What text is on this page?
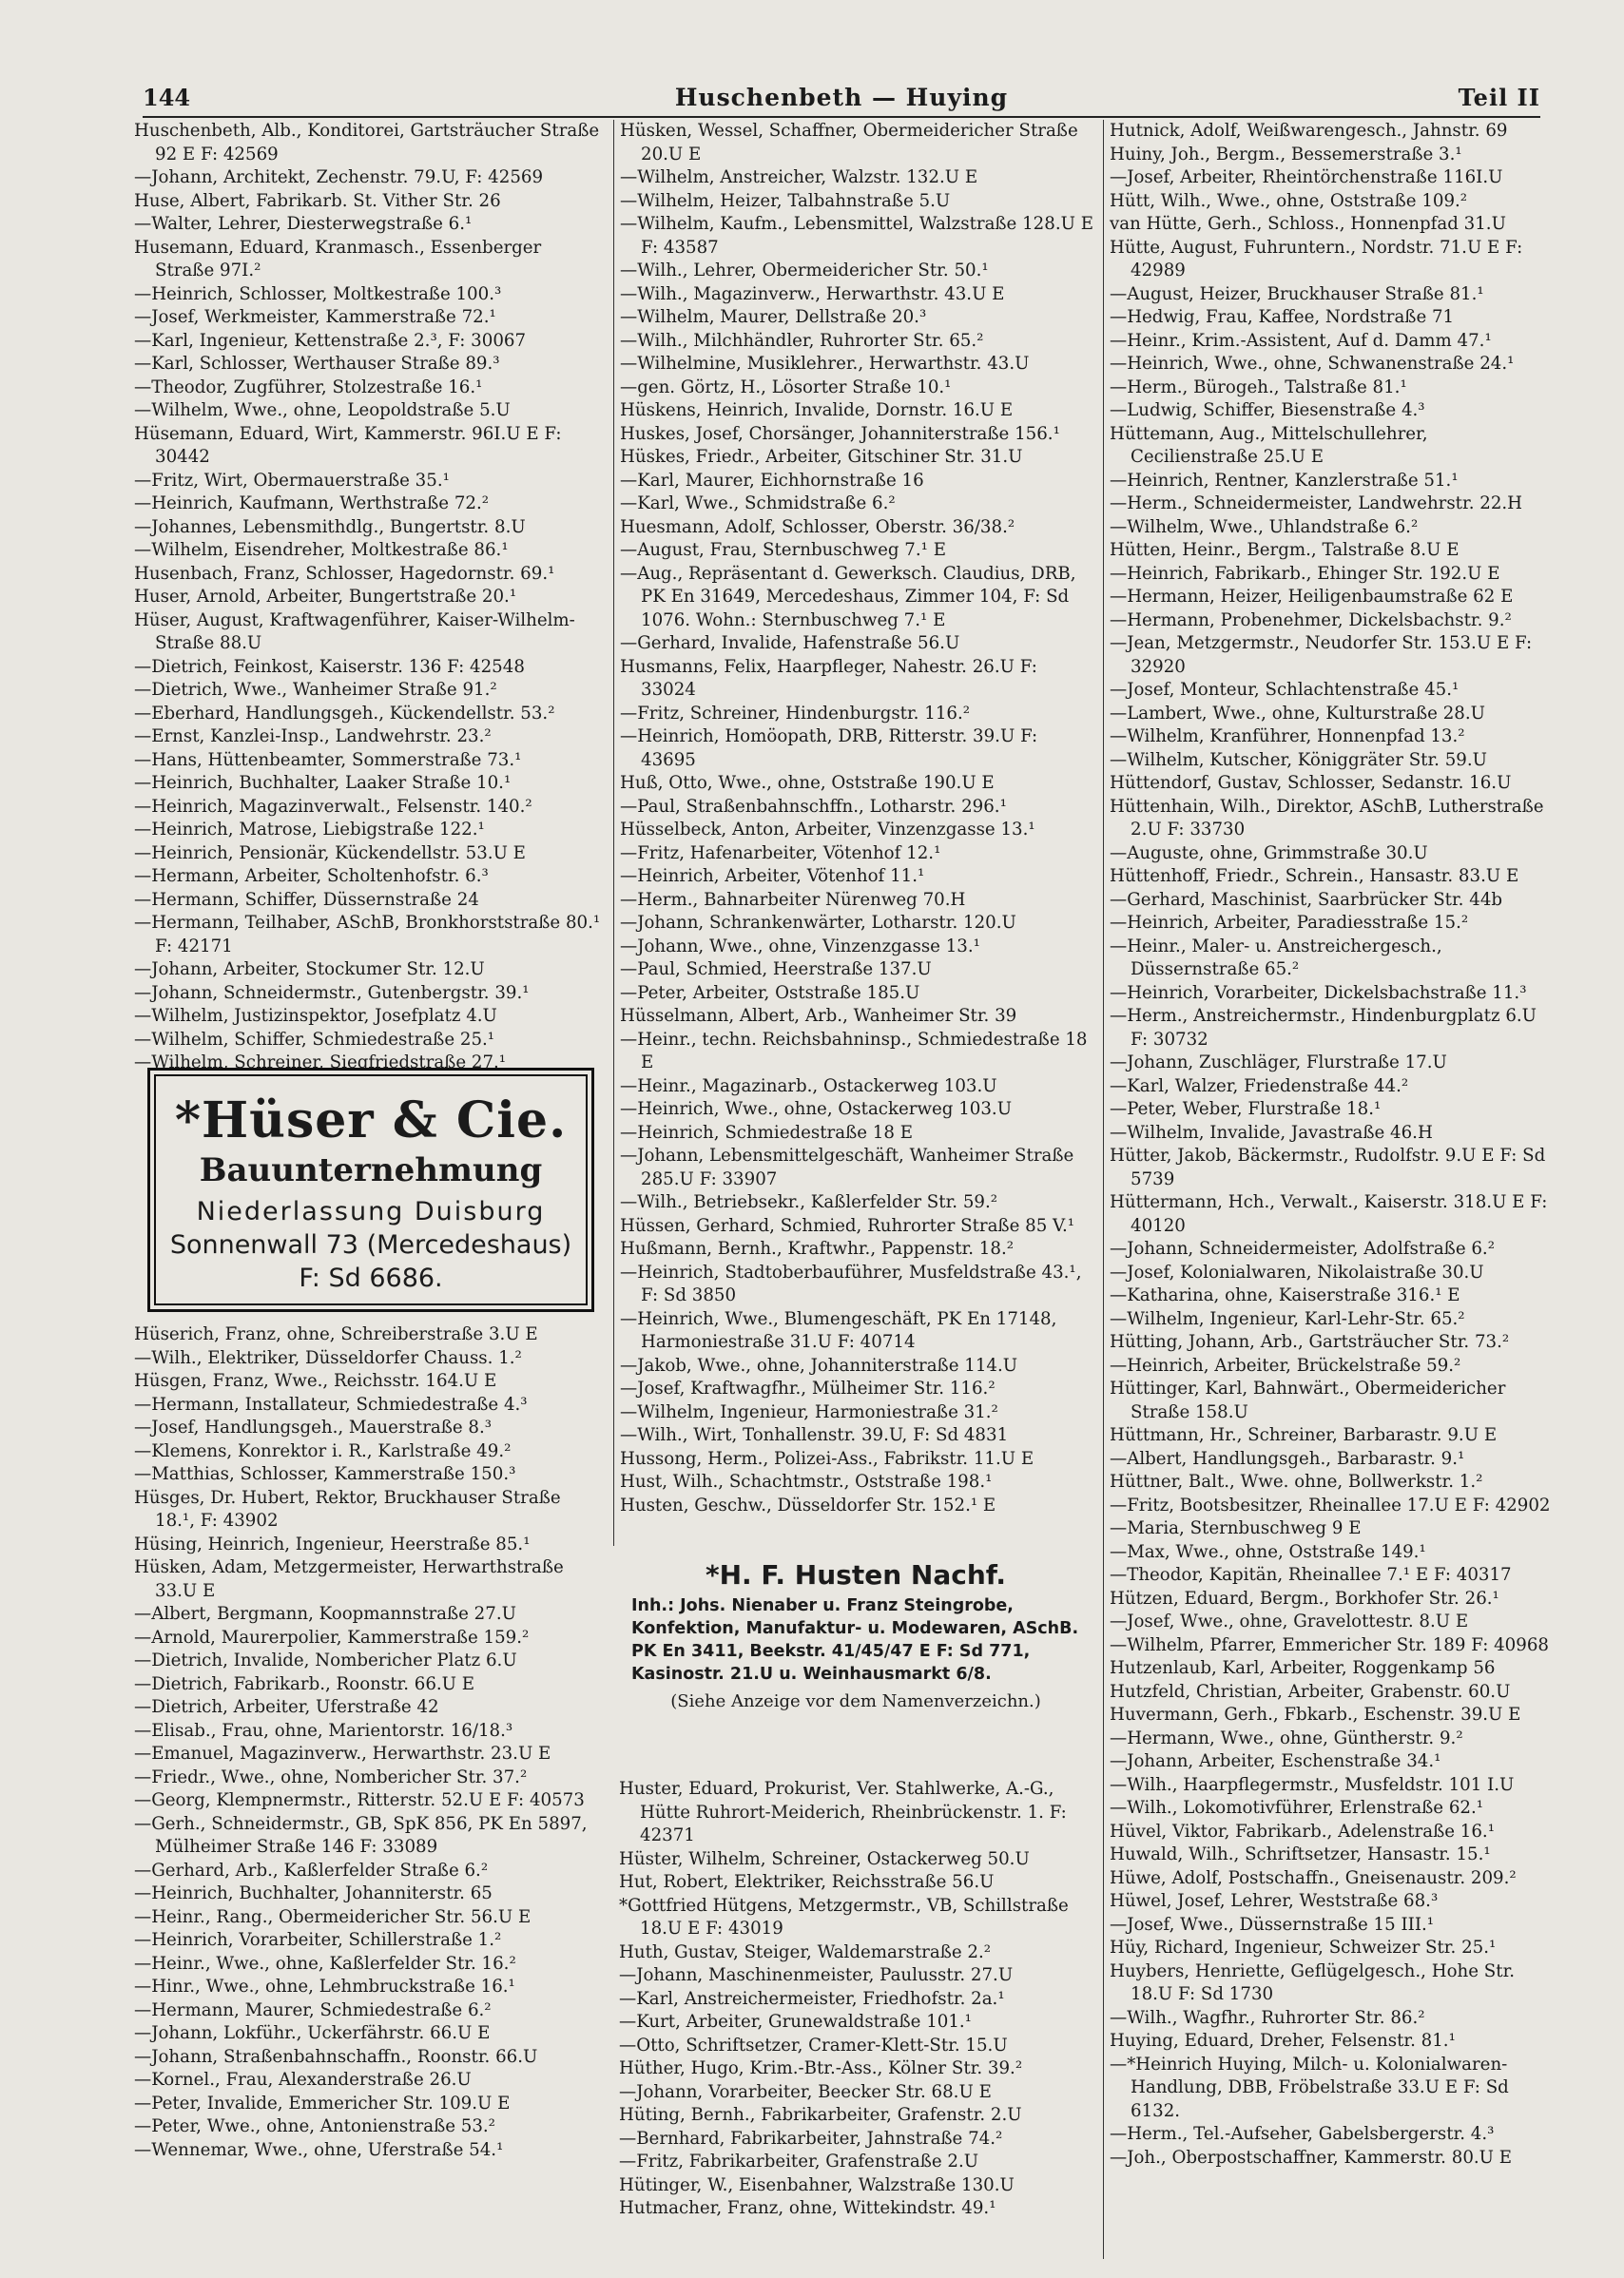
144	Huschenbeth — Huying	Teil II
Huschenbeth, Alb., Konditorei, Gartsträucher Straße 92 E F: 42569
—Johann, Architekt, Zechenstr. 79.U, F: 42569
Huse, Albert, Fabrikarb. St. Vither Str. 26
—Walter, Lehrer, Diesterwegstraße 6.¹
Husemann, Eduard, Kranmasch., Essenberger Straße 97I.²
—Heinrich, Schlosser, Moltkestraße 100.³
—Josef, Werkmeister, Kammerstraße 72.¹
—Karl, Ingenieur, Kettenstraße 2.³, F: 30067
—Karl, Schlosser, Werthauser Straße 89.³
—Theodor, Zugführer, Stolzestraße 16.¹
—Wilhelm, Wwe., ohne, Leopoldstraße 5.U
Hüsemann, Eduard, Wirt, Kammerstr. 96I.U E F: 30442
—Fritz, Wirt, Obermauerstraße 35.¹
—Heinrich, Kaufmann, Werthstraße 72.²
—Johannes, Lebensmithdlg., Bungertstr. 8.U
—Wilhelm, Eisendreher, Moltkestraße 86.¹
Husenbach, Franz, Schlosser, Hagedornstr. 69.¹
Huser, Arnold, Arbeiter, Bungertstraße 20.¹
Hüser, August, Kraftwagenführer, Kaiser-Wilhelm-Straße 88.U
—Dietrich, Feinkost, Kaiserstr. 136 F: 42548
—Dietrich, Wwe., Wanheimer Straße 91.²
—Eberhard, Handlungsgeh., Kückendellstr. 53.²
—Ernst, Kanzlei-Insp., Landwehrstr. 23.²
—Hans, Hüttenbeamter, Sommerstraße 73.¹
—Heinrich, Buchhalter, Laaker Straße 10.¹
—Heinrich, Magazinverwalt., Felsenstr. 140.²
—Heinrich, Matrose, Liebigstraße 122.¹
—Heinrich, Pensionär, Kückendellstr. 53.U E
—Hermann, Arbeiter, Scholtenhofstr. 6.³
—Hermann, Schiffer, Düssernstraße 24
—Hermann, Teilhaber, ASchB, Bronkhorststraße 80.¹ F: 42171
—Johann, Arbeiter, Stockumer Str. 12.U
—Johann, Schneidermstr., Gutenbergstr. 39.¹
—Wilhelm, Justizinspektor, Josefplatz 4.U
—Wilhelm, Schiffer, Schmiedestraße 25.¹
—Wilhelm, Schreiner, Siegfriedstraße 27.¹
*Hüser & Cie.
Bauunternehmung
Niederlassung Duisburg
Sonnenwall 73 (Mercedeshaus)
F: Sd 6686.
Hüserich, Franz, ohne, Schreiberstraße 3.U E
—Wilh., Elektriker, Düsseldorfer Chauss. 1.²
Hüsgen, Franz, Wwe., Reichsstr. 164.U E
—Hermann, Installateur, Schmiedestraße 4.³
—Josef, Handlungsgeh., Mauerstraße 8.³
—Klemens, Konrektor i. R., Karlstraße 49.²
—Matthias, Schlosser, Kammerstraße 150.³
Hüsges, Dr. Hubert, Rektor, Bruckhauser Straße 18.¹, F: 43902
Hüsing, Heinrich, Ingenieur, Heerstraße 85.¹
Hüsken, Adam, Metzgermeister, Herwarthstraße 33.U E
—Albert, Bergmann, Koopmannstraße 27.U
—Arnold, Maurerpolier, Kammerstraße 159.²
—Dietrich, Invalide, Nombericher Platz 6.U
—Dietrich, Fabrikarb., Roonstr. 66.U E
—Dietrich, Arbeiter, Uferstraße 42
—Elisab., Frau, ohne, Marientorstr. 16/18.³
—Emanuel, Magazinverw., Herwarthstr. 23.U E
—Friedr., Wwe., ohne, Nombericher Str. 37.²
—Georg, Klempnermstr., Ritterstr. 52.U E F: 40573
—Gerh., Schneidermstr., GB, SpK 856, PK En 5897, Mülheimer Straße 146 F: 33089
—Gerhard, Arb., Kaßlerfelder Straße 6.²
—Heinrich, Buchhalter, Johanniterstr. 65
—Heinr., Rang., Obermeidericher Str. 56.U E
—Heinrich, Vorarbeiter, Schillerstraße 1.²
—Heinr., Wwe., ohne, Kaßlerfelder Str. 16.²
—Hinr., Wwe., ohne, Lehmbruckstraße 16.¹
—Hermann, Maurer, Schmiedestraße 6.²
—Johann, Lokführ., Uckerfährstr. 66.U E
—Johann, Straßenbahnschaffn., Roonstr. 66.U
—Kornel., Frau, Alexanderstraße 26.U
—Peter, Invalide, Emmericher Str. 109.U E
—Peter, Wwe., ohne, Antonienstraße 53.²
—Wennemar, Wwe., ohne, Uferstraße 54.¹
Hüsken, Wessel, Schaffner, Obermeidericher Straße 20.U E
—Wilhelm, Anstreicher, Walzstr. 132.U E
—Wilhelm, Heizer, Talbahnstraße 5.U
—Wilhelm, Kaufm., Lebensmittel, Walzstraße 128.U E F: 43587
—Wilh., Lehrer, Obermeidericher Str. 50.¹
—Wilh., Magazinverw., Herwarthstr. 43.U E
—Wilhelm, Maurer, Dellstraße 20.³
—Wilh., Milchhändler, Ruhrorter Str. 65.²
—Wilhelmine, Musiklehrer., Herwarthstr. 43.U
—gen. Görtz, H., Lösorter Straße 10.¹
Hüskens, Heinrich, Invalide, Dornstr. 16.U E
Huskes, Josef, Chorsänger, Johanniterstraße 156.¹
Hüskes, Friedr., Arbeiter, Gitschiner Str. 31.U
—Karl, Maurer, Eichhornstraße 16
—Karl, Wwe., Schmidstraße 6.²
Huesmann, Adolf, Schlosser, Oberstr. 36/38.²
—August, Frau, Sternbuschweg 7.¹ E
—Aug., Repräsentant d. Gewerksch. Claudius, DRB, PK En 31649, Mercedeshaus, Zimmer 104, F: Sd 1076. Wohn.: Sternbuschweg 7.¹ E
—Gerhard, Invalide, Hafenstraße 56.U
Husmanns, Felix, Haarpfleger, Nahestr. 26.U F: 33024
—Fritz, Schreiner, Hindenburgstr. 116.²
—Heinrich, Homöopath, DRB, Ritterstr. 39.U F: 43695
Huß, Otto, Wwe., ohne, Oststraße 190.U E
—Paul, Straßenbahnschffn., Lotharstr. 296.¹
Hüsselbeck, Anton, Arbeiter, Vinzenzgasse 13.¹
—Fritz, Hafenarbeiter, Vötenhof 12.¹
—Heinrich, Arbeiter, Vötenhof 11.¹
—Herm., Bahnarbeiter Nürenweg 70.H
—Johann, Schrankenwärter, Lotharstr. 120.U
—Johann, Wwe., ohne, Vinzenzgasse 13.¹
—Paul, Schmied, Heerstraße 137.U
—Peter, Arbeiter, Oststraße 185.U
Hüsselmann, Albert, Arb., Wanheimer Str. 39
—Heinr., techn. Reichsbahninsp., Schmiedestraße 18 E
—Heinr., Magazinarb., Ostackerweg 103.U
—Heinrich, Wwe., ohne, Ostackerweg 103.U
—Heinrich, Schmiedestraße 18 E
—Johann, Lebensmittelgeschäft, Wanheimer Straße 285.U F: 33907
—Wilh., Betriebsekr., Kaßlerfelder Str. 59.²
Hüssen, Gerhard, Schmied, Ruhrorter Straße 85 V.¹
Hußmann, Bernh., Kraftwhr., Pappenstr. 18.²
—Heinrich, Stadtoberbauführer, Musfeldstraße 43.¹, F: Sd 3850
—Heinrich, Wwe., Blumengeschäft, PK En 17148, Harmoniestraße 31.U F: 40714
—Jakob, Wwe., ohne, Johanniterstraße 114.U
—Josef, Kraftwagfhr., Mülheimer Str. 116.²
—Wilhelm, Ingenieur, Harmoniestraße 31.²
—Wilh., Wirt, Tonhallenstr. 39.U, F: Sd 4831
Hussong, Herm., Polizei-Ass., Fabrikstr. 11.U E
Hust, Wilh., Schachtmstr., Oststraße 198.¹
Husten, Geschw., Düsseldorfer Str. 152.¹ E
*H. F. Husten Nachf.
Inh.: Johs. Nienaber u. Franz Steingrobe, Konfektion, Manufaktur- u. Modewaren, ASchB. PK En 3411, Beekstr. 41/45/47 E F: Sd 771, Kasinostr. 21.U u. Weinhausmarkt 6/8.
(Siehe Anzeige vor dem Namenverzeichn.)
Huster, Eduard, Prokurist, Ver. Stahlwerke, A.-G., Hütte Ruhrort-Meiderich, Rheinbrückenstr. 1. F: 42371
Hüster, Wilhelm, Schreiner, Ostackerweg 50.U
Hut, Robert, Elektriker, Reichsstraße 56.U
*Gottfried Hütgens, Metzgermstr., VB, Schillstraße 18.U E F: 43019
Huth, Gustav, Steiger, Waldemarstraße 2.²
—Johann, Maschinenmeister, Paulusstr. 27.U
—Karl, Anstreichermeister, Friedhofstr. 2a.¹
—Kurt, Arbeiter, Grunewaldstraße 101.¹
—Otto, Schriftsetzer, Cramer-Klett-Str. 15.U
Hüther, Hugo, Krim.-Btr.-Ass., Kölner Str. 39.²
—Johann, Vorarbeiter, Beecker Str. 68.U E
Hüting, Bernh., Fabrikarbeiter, Grafenstr. 2.U
—Bernhard, Fabrikarbeiter, Jahnstraße 74.²
—Fritz, Fabrikarbeiter, Grafenstraße 2.U
Hütinger, W., Eisenbahner, Walzstraße 130.U
Hutmacher, Franz, ohne, Wittekindstr. 49.¹
Hutnick, Adolf, Weißwarengesch., Jahnstr. 69
Huiny, Joh., Bergm., Bessemerstraße 3.¹
—Josef, Arbeiter, Rheintörchenstraße 116I.U
Hütt, Wilh., Wwe., ohne, Oststraße 109.²
van Hütte, Gerh., Schloss., Honnenpfad 31.U
Hütte, August, Fuhruntern., Nordstr. 71.U E F: 42989
—August, Heizer, Bruckhauser Straße 81.¹
—Hedwig, Frau, Kaffee, Nordstraße 71
—Heinr., Krim.-Assistent, Auf d. Damm 47.¹
—Heinrich, Wwe., ohne, Schwanenstraße 24.¹
—Herm., Bürogeh., Talstraße 81.¹
—Ludwig, Schiffer, Biesenstraße 4.³
Hüttemann, Aug., Mittelschullehrer, Cecilienstraße 25.U E
—Heinrich, Rentner, Kanzlerstraße 51.¹
—Herm., Schneidermeister, Landwehrstr. 22.H
—Wilhelm, Wwe., Uhlandstraße 6.²
Hütten, Heinr., Bergm., Talstraße 8.U E
—Heinrich, Fabrikarb., Ehinger Str. 192.U E
—Hermann, Heizer, Heiligenbaumstraße 62 E
—Hermann, Probenehmer, Dickelsbachstr. 9.²
—Jean, Metzgermstr., Neudorfer Str. 153.U E F: 32920
—Josef, Monteur, Schlachtenstraße 45.¹
—Lambert, Wwe., ohne, Kulturstraße 28.U
—Wilhelm, Kranführer, Honnenpfad 13.²
—Wilhelm, Kutscher, Königgräter Str. 59.U
Hüttendorf, Gustav, Schlosser, Sedanstr. 16.U
Hüttenhain, Wilh., Direktor, ASchB, Lutherstraße 2.U F: 33730
—Auguste, ohne, Grimmstraße 30.U
Hüttenhoff, Friedr., Schrein., Hansastr. 83.U E
—Gerhard, Maschinist, Saarbrücker Str. 44b
—Heinrich, Arbeiter, Paradiesstraße 15.²
—Heinr., Maler- u. Anstreichergesch., Düssernstraße 65.²
—Heinrich, Vorarbeiter, Dickelsbachstraße 11.³
—Herm., Anstreichermstr., Hindenburgplatz 6.U F: 30732
—Johann, Zuschläger, Flurstraße 17.U
—Karl, Walzer, Friedenstraße 44.²
—Peter, Weber, Flurstraße 18.¹
—Wilhelm, Invalide, Javastraße 46.H
Hütter, Jakob, Bäckermstr., Rudolfstr. 9.U E F: Sd 5739
Hüttermann, Hch., Verwalt., Kaiserstr. 318.U E F: 40120
—Johann, Schneidermeister, Adolfstraße 6.²
—Josef, Kolonialwaren, Nikolaistraße 30.U
—Katharina, ohne, Kaiserstraße 316.¹ E
—Wilhelm, Ingenieur, Karl-Lehr-Str. 65.²
Hütting, Johann, Arb., Gartsträucher Str. 73.²
—Heinrich, Arbeiter, Brückelstraße 59.²
Hüttinger, Karl, Bahnwärt., Obermeidericher Straße 158.U
Hüttmann, Hr., Schreiner, Barbarastr. 9.U E
—Albert, Handlungsgeh., Barbarastr. 9.¹
Hüttner, Balt., Wwe. ohne, Bollwerkstr. 1.²
—Fritz, Bootsbesitzer, Rheinallee 17.U E F: 42902
—Maria, Sternbuschweg 9 E
—Max, Wwe., ohne, Oststraße 149.¹
—Theodor, Kapitän, Rheinallee 7.¹ E F: 40317
Hützen, Eduard, Bergm., Borkhofer Str. 26.¹
—Josef, Wwe., ohne, Gravelottestr. 8.U E
—Wilhelm, Pfarrer, Emmericher Str. 189 F: 40968
Hutzenlaub, Karl, Arbeiter, Roggenkamp 56
Hutzfeld, Christian, Arbeiter, Grabenstr. 60.U
Huvermann, Gerh., Fbkarb., Eschenstr. 39.U E
—Hermann, Wwe., ohne, Güntherstr. 9.²
—Johann, Arbeiter, Eschenstraße 34.¹
—Wilh., Haarpflegermstr., Musfeldstr. 101 I.U
—Wilh., Lokomotivführer, Erlenstraße 62.¹
Hüvel, Viktor, Fabrikarb., Adelenstraße 16.¹
Huwald, Wilh., Schriftsetzer, Hansastr. 15.¹
Hüwe, Adolf, Postschaffn., Gneisenaustr. 209.²
Hüwel, Josef, Lehrer, Weststraße 68.³
—Josef, Wwe., Düssernstraße 15 III.¹
Hüy, Richard, Ingenieur, Schweizer Str. 25.¹
Huybers, Henriette, Geflügelgesch., Hohe Str. 18.U F: Sd 1730
—Wilh., Wagfhr., Ruhrorter Str. 86.²
Huying, Eduard, Dreher, Felsenstr. 81.¹
—*Heinrich Huying, Milch- u. Kolonialwaren-Handlung, DBB, Fröbelstraße 33.U E F: Sd 6132.
—Herm., Tel.-Aufseher, Gabelsbergerstr. 4.³
—Joh., Oberpostschaffner, Kammerstr. 80.U E
